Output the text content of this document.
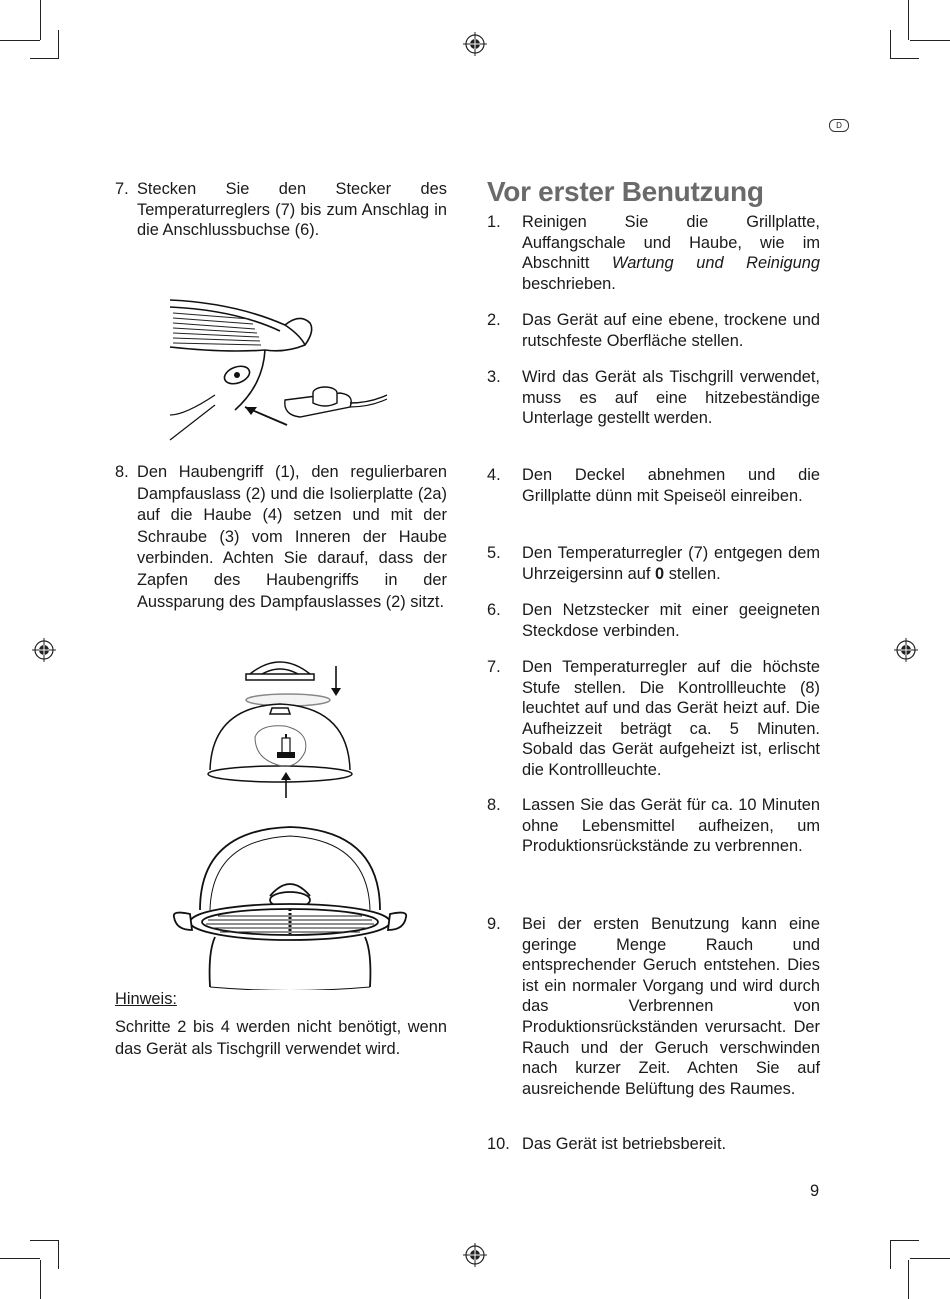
D
7. Stecken Sie den Stecker des Temperaturreglers (7) bis zum Anschlag in die Anschlussbuchse (6).
8. Den Haubengriff (1), den regulierbaren Dampfauslass (2) und die Isolierplatte (2a) auf die Haube (4) setzen und mit der Schraube (3) vom Inneren der Haube verbinden. Achten Sie darauf, dass der Zapfen des Haubengriffs in der Aussparung des Dampfauslasses (2) sitzt.
Hinweis:
Schritte 2 bis 4 werden nicht benötigt, wenn das Gerät als Tischgrill verwendet wird.
Vor erster Benutzung
1. Reinigen Sie die Grillplatte, Auffangschale und Haube, wie im Abschnitt Wartung und Reinigung beschrieben.
2. Das Gerät auf eine ebene, trockene und rutschfeste Oberfläche stellen.
3. Wird das Gerät als Tischgrill verwendet, muss es auf eine hitzebeständige Unterlage gestellt werden.
4. Den Deckel abnehmen und die Grillplatte dünn mit Speiseöl einreiben.
5. Den Temperaturregler (7) entgegen dem Uhrzeigersinn auf 0 stellen.
6. Den Netzstecker mit einer geeigneten Steckdose verbinden.
7. Den Temperaturregler auf die höchste Stufe stellen. Die Kontrollleuchte (8) leuchtet auf und das Gerät heizt auf. Die Aufheizzeit beträgt ca. 5 Minuten. Sobald das Gerät aufgeheizt ist, erlischt die Kontrollleuchte.
8. Lassen Sie das Gerät für ca. 10 Minuten ohne Lebensmittel aufheizen, um Produktionsrückstände zu verbrennen.
9. Bei der ersten Benutzung kann eine geringe Menge Rauch und entsprechender Geruch entstehen. Dies ist ein normaler Vorgang und wird durch das Verbrennen von Produktionsrückständen verursacht. Der Rauch und der Geruch verschwinden nach kurzer Zeit. Achten Sie auf ausreichende Belüftung des Raumes.
10. Das Gerät ist betriebsbereit.
9
